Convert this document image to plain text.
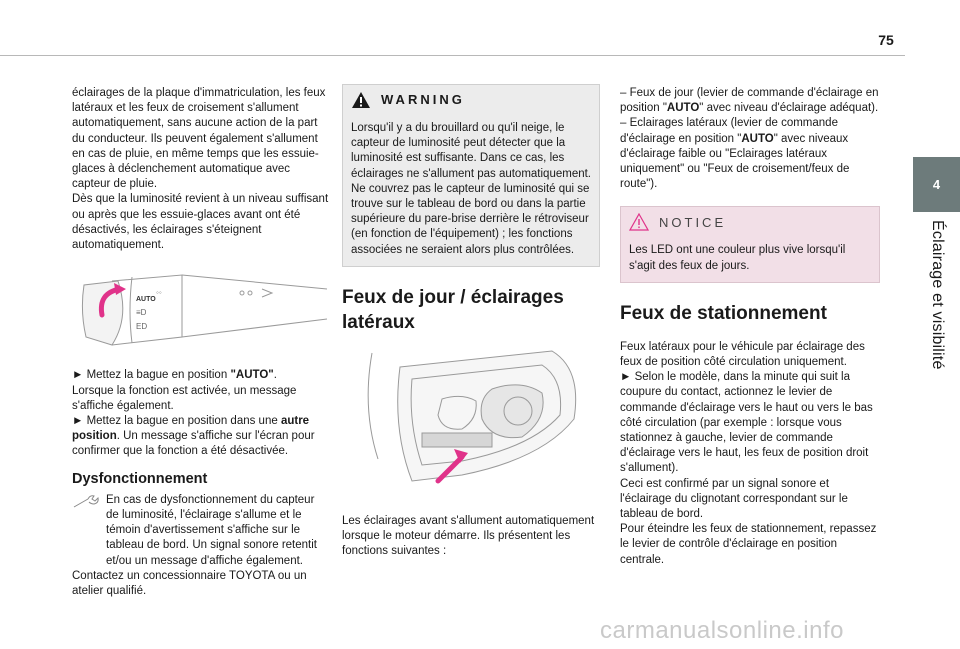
75
4
Éclairage et visibilité

éclairages de la plaque d'immatriculation, les feux latéraux et les feux de croisement s'allument automatiquement, sans aucune action de la part du conducteur. Ils peuvent également s'allument en cas de pluie, en même temps que les essuie-glaces à déclenchement automatique avec capteur de pluie.

Dès que la luminosité revient à un niveau suffisant ou après que les essuie-glaces avant ont été désactivés, les éclairages s'éteignent automatiquement.

AUTO
≡D
ED
◦◦

► Mettez la bague en position "AUTO".

Lorsque la fonction est activée, un message s'affiche également.

► Mettez la bague en position dans une autre position. Un message s'affiche sur l'écran pour confirmer que la fonction a été désactivée.

Dysfonctionnement

En cas de dysfonctionnement du capteur de luminosité, l'éclairage s'allume et le témoin d'avertissement s'affiche sur le tableau de bord. Un signal sonore retentit et/ou un message d'affiche également.

Contactez un concessionnaire TOYOTA ou un atelier qualifié.

WARNING

Lorsqu'il y a du brouillard ou qu'il neige, le capteur de luminosité peut détecter que la luminosité est suffisante. Dans ce cas, les éclairages ne s'allument pas automatiquement.

Ne couvrez pas le capteur de luminosité qui se trouve sur le tableau de bord ou dans la partie supérieure du pare-brise derrière le rétroviseur (en fonction de l'équipement) ; les fonctions associées ne seraient alors plus contrôlées.

Feux de jour / éclairages latéraux

Les éclairages avant s'allument automatiquement lorsque le moteur démarre. Ils présentent les fonctions suivantes :

– Feux de jour (levier de commande d'éclairage en position "AUTO" avec niveau d'éclairage adéquat).

– Eclairages latéraux (levier de commande d'éclairage en position "AUTO" avec niveaux d'éclairage faible ou "Eclairages latéraux uniquement" ou "Feux de croisement/feux de route").

NOTICE

Les LED ont une couleur plus vive lorsqu'il s'agit des feux de jours.

Feux de stationnement

Feux latéraux pour le véhicule par éclairage des feux de position côté circulation uniquement.

► Selon le modèle, dans la minute qui suit la coupure du contact, actionnez le levier de commande d'éclairage vers le haut ou vers le bas côté circulation (par exemple : lorsque vous stationnez à gauche, levier de commande d'éclairage vers le haut, les feux de position droit s'allument).

Ceci est confirmé par un signal sonore et l'éclairage du clignotant correspondant sur le tableau de bord.

Pour éteindre les feux de stationnement, repassez le levier de contrôle d'éclairage en position centrale.

carmanualsonline.info
